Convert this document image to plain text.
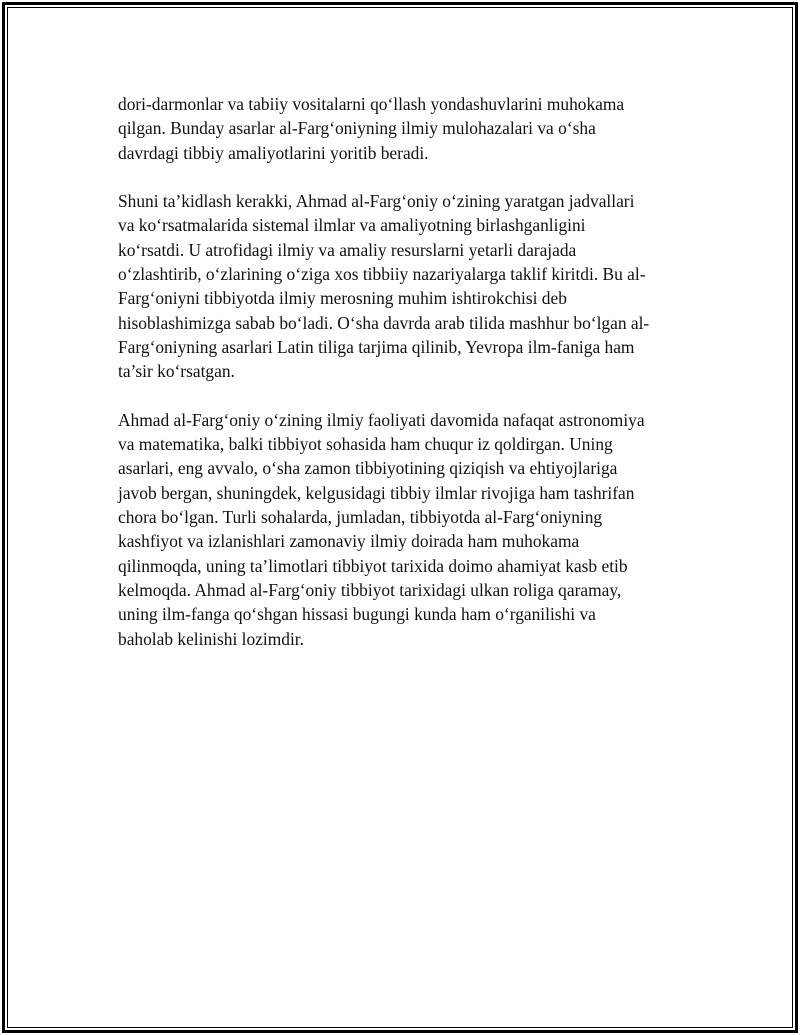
dori-darmonlar va tabiiy vositalarni qo‘llash yondashuvlarini muhokama
qilgan. Bunday asarlar al-Farg‘oniyning ilmiy mulohazalari va o‘sha
davrdagi tibbiy amaliyotlarini yoritib beradi.

Shuni ta’kidlash kerakki, Ahmad al-Farg‘oniy o‘zining yaratgan jadvallari
va ko‘rsatmalarida sistemal ilmlar va amaliyotning birlashganligini
ko‘rsatdi. U atrofidagi ilmiy va amaliy resurslarni yetarli darajada
o‘zlashtirib, o‘zlarining o‘ziga xos tibbiiy nazariyalarga taklif kiritdi. Bu al-
Farg‘oniyni tibbiyotda ilmiy merosning muhim ishtirokchisi deb
hisoblashimizga sabab bo‘ladi. O‘sha davrda arab tilida mashhur bo‘lgan al-
Farg‘oniyning asarlari Latin tiliga tarjima qilinib, Yevropa ilm-faniga ham
ta’sir ko‘rsatgan.

Ahmad al-Farg‘oniy o‘zining ilmiy faoliyati davomida nafaqat astronomiya
va matematika, balki tibbiyot sohasida ham chuqur iz qoldirgan. Uning
asarlari, eng avvalo, o‘sha zamon tibbiyotining qiziqish va ehtiyojlariga
javob bergan, shuningdek, kelgusidagi tibbiy ilmlar rivojiga ham tashrifan
chora bo‘lgan. Turli sohalarda, jumladan, tibbiyotda al-Farg‘oniyning
kashfiyot va izlanishlari zamonaviy ilmiy doirada ham muhokama
qilinmoqda, uning ta’limotlari tibbiyot tarixida doimo ahamiyat kasb etib
kelmoqda. Ahmad al-Farg‘oniy tibbiyot tarixidagi ulkan roliga qaramay,
uning ilm-fanga qo‘shgan hissasi bugungi kunda ham o‘rganilishi va
baholab kelinishi lozimdir.
